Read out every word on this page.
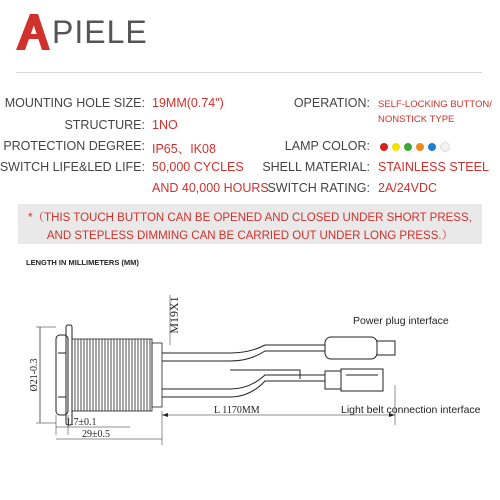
PIELE
MOUNTING HOLE SIZE: 19MM(0.74")
STRUCTURE: 1NO
PROTECTION DEGREE: IP65、IK08
SWITCH LIFE&LED LIFE: 50,000 CYCLES
AND 40,000 HOURS
OPERATION: SELF-LOCKING BUTTON/
NONSTICK TYPE
LAMP COLOR:
SHELL MATERIAL: STAINLESS STEEL
SWITCH RATING: 2A/24VDC
*（THIS TOUCH BUTTON CAN BE OPENED AND CLOSED UNDER SHORT PRESS,
AND STEPLESS DIMMING CAN BE CARRIED OUT UNDER LONG PRESS.）
LENGTH IN MILLIMETERS (MM)
Ø21-0.3
M19X1
1.7±0.1
29±0.5
L 1170MM
Power plug interface
Light belt connection interface
